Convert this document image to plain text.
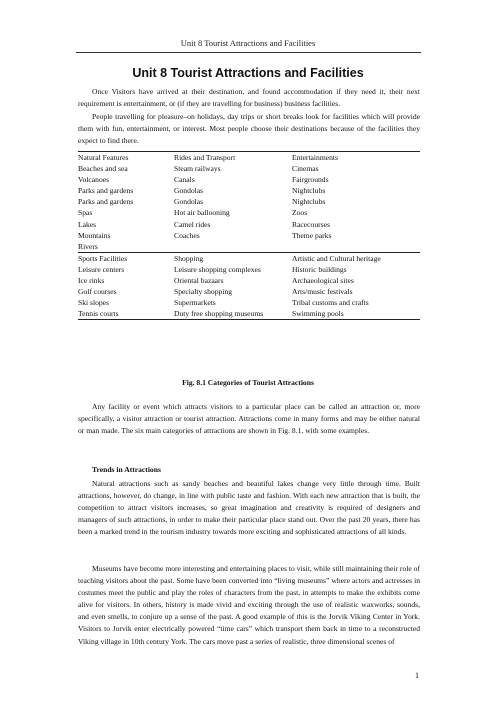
Unit 8 Tourist Attractions and Facilities
Unit 8 Tourist Attractions and Facilities

Once Visitors have arrived at their destination, and found accommodation if they need it, their next requirement is entertainment, or (if they are travelling for business) business facilities.

People travelling for pleasure–on holidays, day trips or short breaks look for facilities which will provide them with fun, entertainment, or interest. Most people choose their destinations because of the facilities they expect to find there.

Natural Features	Rides and Transport	Entertainments
Beaches and sea	Steam railways	Cinemas
Volcanoes	Canals	Fairgrounds
Parks and gardens	Gondolas	Nightclubs
Parks and gardens	Gondolas	Nightclubs
Spas	Hot air ballooning	Zoos
Lakes	Camel rides	Racecourses
Mountains	Coaches	Theme parks
Rivers		
Sports Facilities	Shopping	Artistic and Cultural heritage
Leisure centers	Leisure shopping complexes	Historic buildings
Ice rinks	Oriental bazaars	Archaeological sites
Golf courses	Specialty shopping	Arts/music festivals
Ski slopes	Supermarkets	Tribal customs and crafts
Tennis courts	Duty free shopping museums	Swimming pools
Fig. 8.1 Categories of Tourist Attractions

Any facility or event which attracts visitors to a particular place can be called an attraction or, more specifically, a visitor attraction or tourist attraction. Attractions come in many forms and may be either natural or man made. The six main categories of attractions are shown in Fig. 8.1, with some examples.

Trends in Attractions

Natural attractions such as sandy beaches and beautiful lakes change very little through time. Built attractions, however, do change, in line with public taste and fashion. With each new attraction that is built, the competition to attract visitors increases, so great imagination and creativity is required of designers and managers of such attractions, in order to make their particular place stand out. Over the past 20 years, there has been a marked trend in the tourism industry towards more exciting and sophisticated attractions of all kinds.

Museums have become more interesting and entertaining places to visit, while still maintaining their role of teaching visitors about the past. Some have been converted into “living museums” where actors and actresses in costumes meet the public and play the roles of characters from the past, in attempts to make the exhibits come alive for visitors. In others, history is made vivid and exciting through the use of realistic waxworks, sounds, and even smells, to conjure up a sense of the past. A good example of this is the Jorvik Viking Center in York. Visitors to Jorvik enter electrically powered “time cars” which transport them back in time to a reconstructed Viking village in 10th century York. The cars move past a series of realistic, three dimensional scenes of

1
